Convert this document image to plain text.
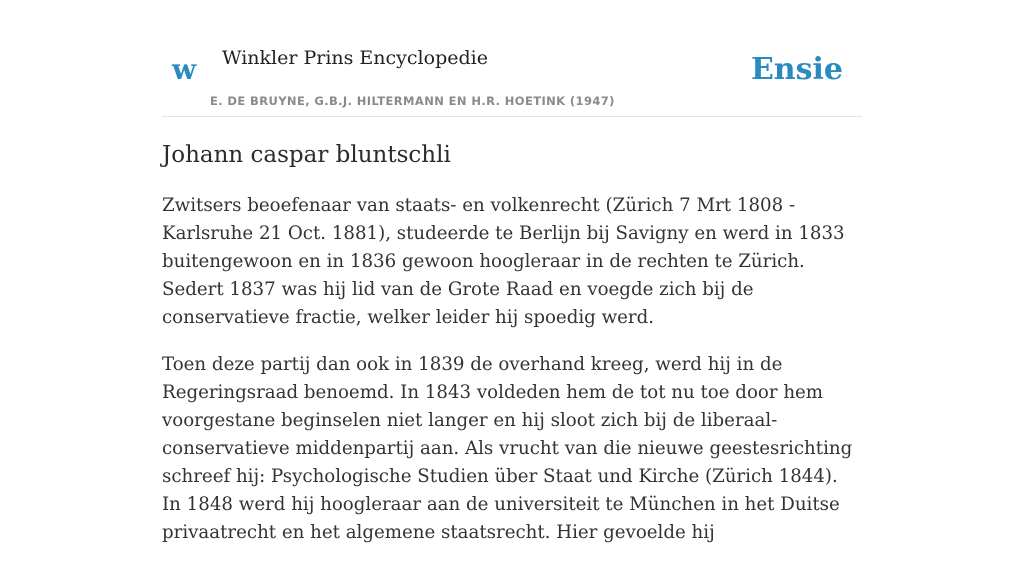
w Winkler Prins Encyclopedie
E. DE BRUYNE, G.B.J. HILTERMANN EN H.R. HOETINK (1947)
Ensie
Johann caspar bluntschli

Zwitsers beoefenaar van staats- en volkenrecht (Zürich 7 Mrt 1808 - Karlsruhe 21 Oct. 1881), studeerde te Berlijn bij Savigny en werd in 1833 buitengewoon en in 1836 gewoon hoogleraar in de rechten te Zürich. Sedert 1837 was hij lid van de Grote Raad en voegde zich bij de conservatieve fractie, welker leider hij spoedig werd.

Toen deze partij dan ook in 1839 de overhand kreeg, werd hij in de Regeringsraad benoemd. In 1843 voldeden hem de tot nu toe door hem voorgestane beginselen niet langer en hij sloot zich bij de liberaal-conservatieve middenpartij aan. Als vrucht van die nieuwe geestesrichting schreef hij: Psychologische Studien über Staat und Kirche (Zürich 1844). In 1848 werd hij hoogleraar aan de universiteit te München in het Duitse privaatrecht en het algemene staatsrecht. Hier gevoelde hij
